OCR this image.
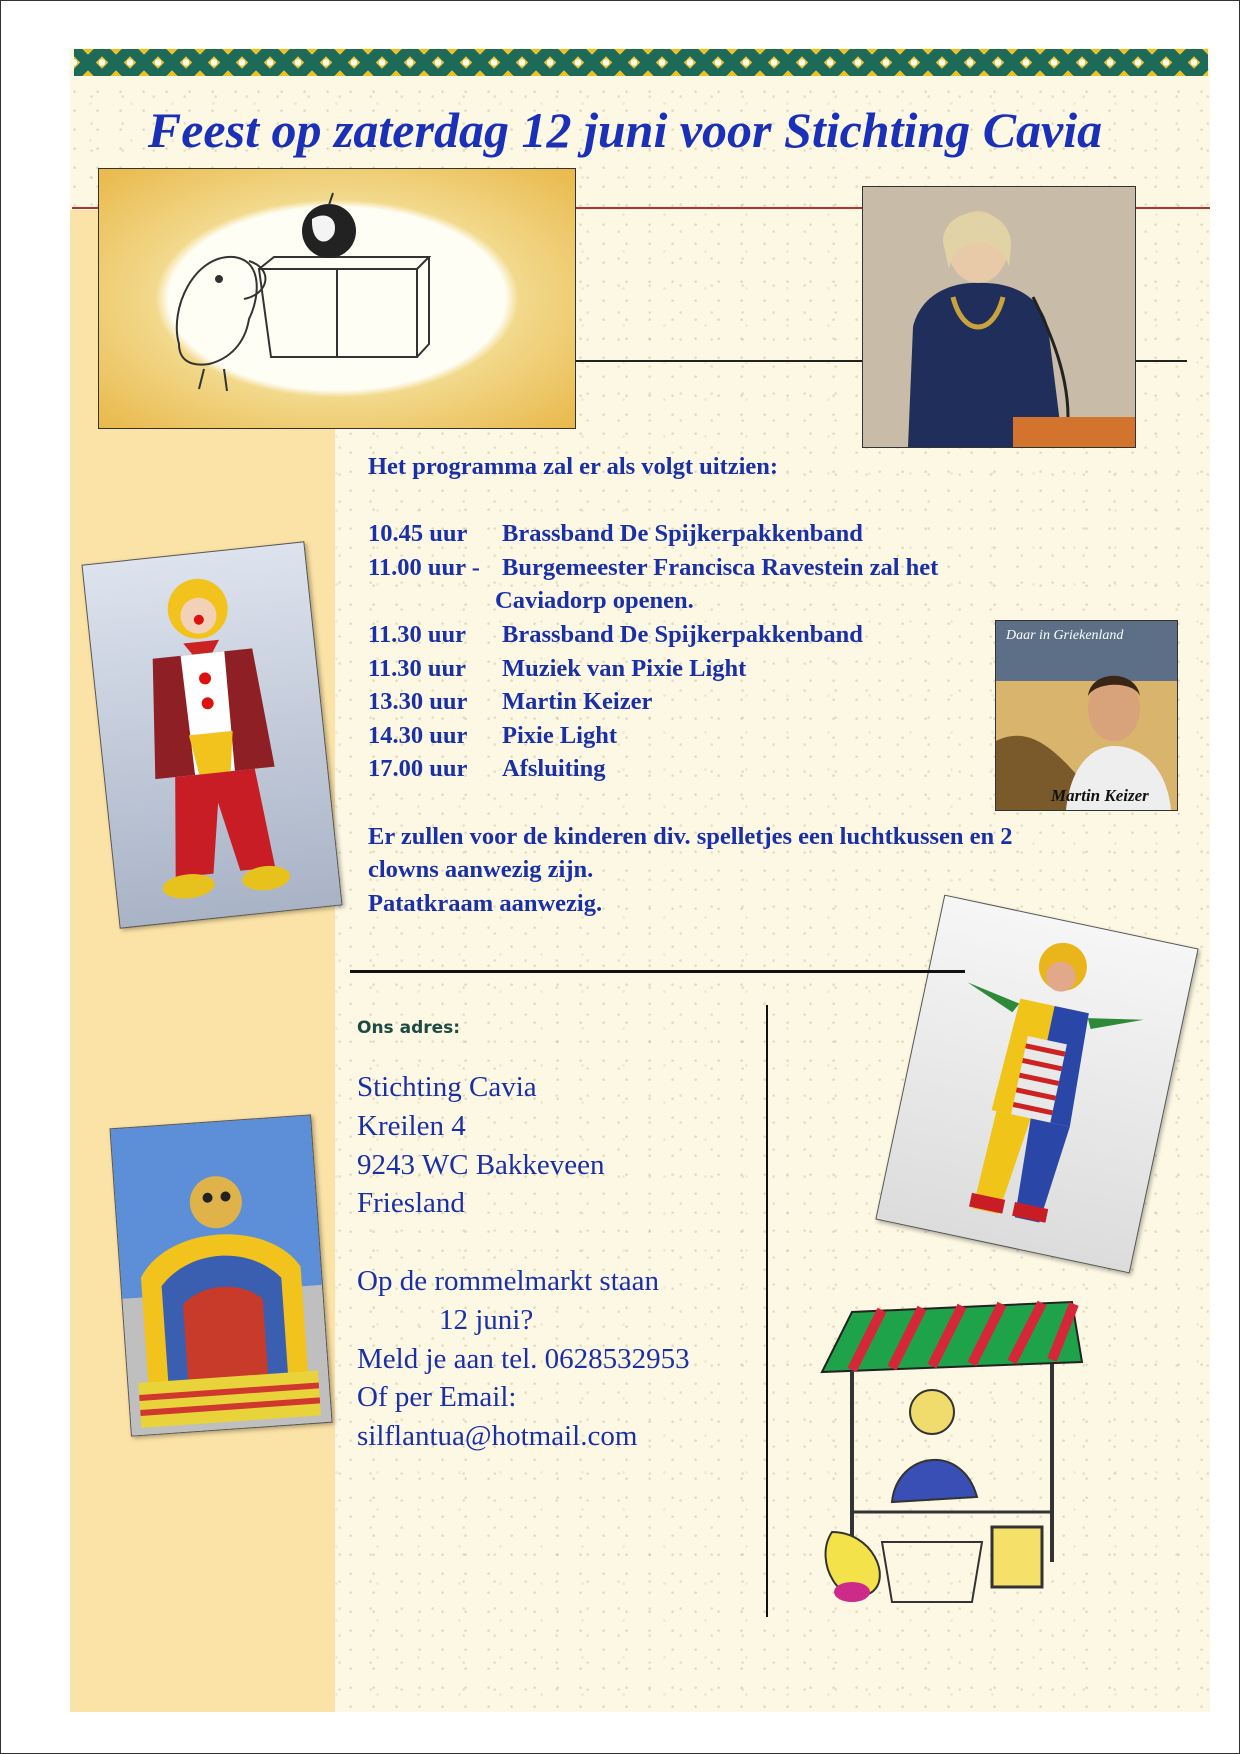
Feest op zaterdag 12 juni voor Stichting Cavia
Daar in Griekenland
Martin Keizer

Het programma zal er als volgt uitzien:

10.45 uur	Brassband De Spijkerpakkenband

11.00 uur - Burgemeester Francisca Ravestein zal het

Caviadorp openen.

11.30 uur	Brassband De Spijkerpakkenband

11.30 uur	Muziek van Pixie Light

13.30 uur	Martin Keizer

14.30 uur	Pixie Light

17.00 uur	Afsluiting

Er zullen voor de kinderen div. spelletjes een luchtkussen en 2

clowns aanwezig zijn.

Patatkraam aanwezig.

Ons adres:

Stichting Cavia

Kreilen 4

9243 WC Bakkeveen

Friesland

Op de rommelmarkt staan

12 juni?

Meld je aan tel. 0628532953

Of per Email:

silflantua@hotmail.com
